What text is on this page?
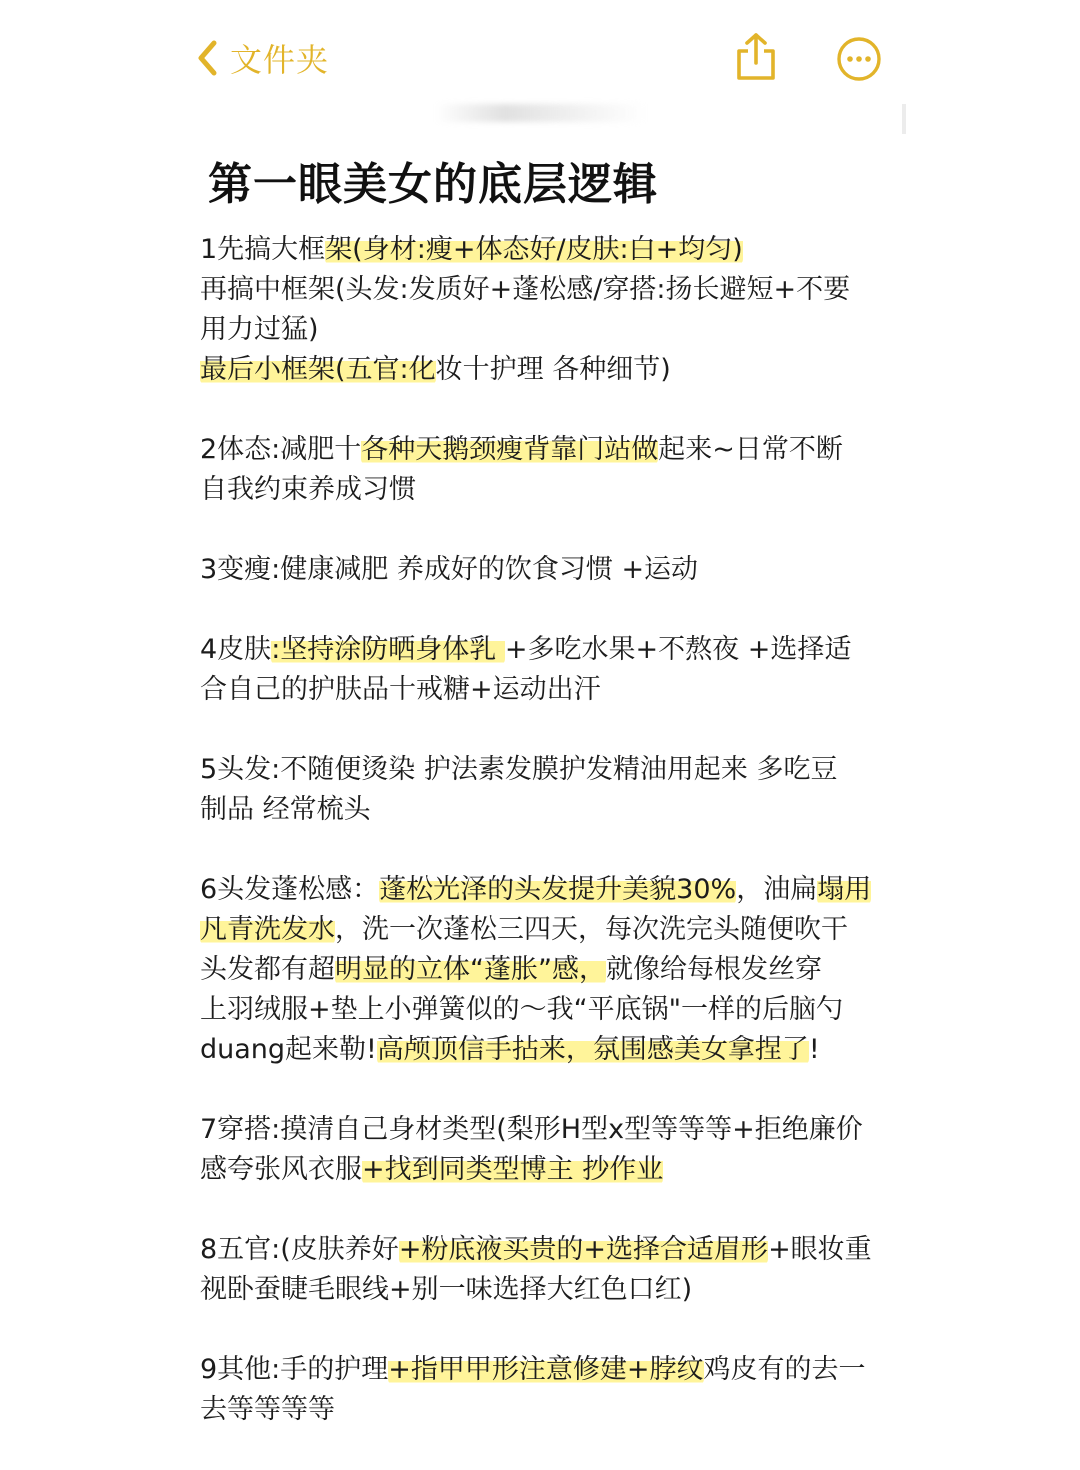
文件夹
第一眼美女的底层逻辑
1先搞大框架(身材:瘦+体态好/皮肤:白+均匀)
再搞中框架(头发:发质好+蓬松感/穿搭:扬长避短+不要
用力过猛)
最后小框架(五官:化妆十护理 各种细节)
2体态:减肥十各种天鹅颈瘦背靠门站做起来~日常不断
自我约束养成习惯
3变瘦:健康减肥 养成好的饮食习惯 +运动
4皮肤:坚持涂防晒身体乳 +多吃水果+不熬夜 +选择适
合自己的护肤品十戒糖+运动出汗
5头发:不随便烫染 护法素发膜护发精油用起来 多吃豆
制品 经常梳头
6头发蓬松感：蓬松光泽的头发提升美貌30%，油扁塌用
凡青洗发水，洗一次蓬松三四天，每次洗完头随便吹干
头发都有超明显的立体“蓬胀”感，就像给每根发丝穿
上羽绒服+垫上小弹簧似的～我“平底锅"一样的后脑勺
duang起来勒!高颅顶信手拈来，氛围感美女拿捏了!
7穿搭:摸清自己身材类型(梨形H型x型等等等+拒绝廉价
感夸张风衣服+找到同类型博主 抄作业
8五官:(皮肤养好+粉底液买贵的+选择合适眉形+眼妆重
视卧蚕睫毛眼线+别一味选择大红色口红)
9其他:手的护理+指甲甲形注意修建+脖纹鸡皮有的去一
去等等等等
